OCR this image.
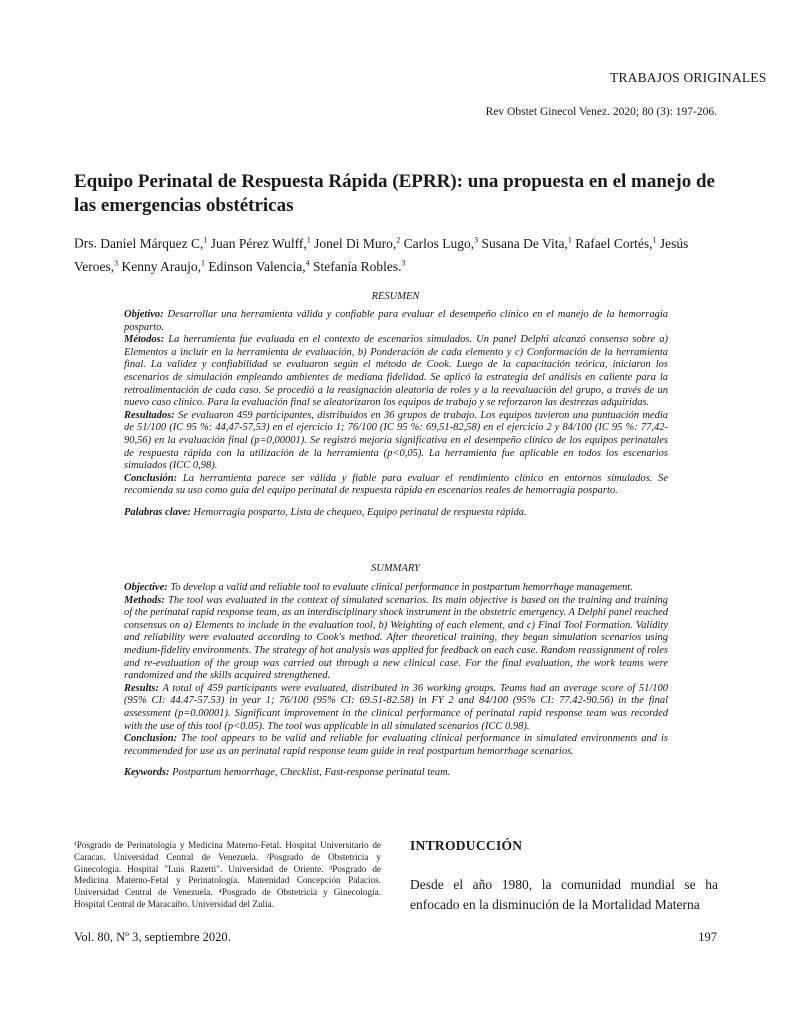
TRABAJOS ORIGINALES
Rev Obstet Ginecol Venez. 2020; 80 (3): 197-206.
Equipo Perinatal de Respuesta Rápida (EPRR): una propuesta en el manejo de las emergencias obstétricas
Drs. Daniel Márquez C,$^1$ Juan Pérez Wulff,$^1$ Jonel Di Muro,$^2$ Carlos Lugo,$^3$ Susana De Vita,$^1$ Rafael Cortés,$^1$ Jesús Veroes,$^3$ Kenny Araujo,$^1$ Edinson Valencia,$^4$ Stefanía Robles.$^3$
RESUMEN

Objetivo: Desarrollar una herramienta válida y confiable para evaluar el desempeño clínico en el manejo de la hemorragia posparto.

Métodos: La herramienta fue evaluada en el contexto de escenarios simulados. Un panel Delphi alcanzó consenso sobre a) Elementos a incluir en la herramienta de evaluación, b) Ponderación de cada elemento y c) Conformación de la herramienta final. La validez y confiabilidad se evaluaron según el método de Cook. Luego de la capacitación teórica, iniciaron los escenarios de simulación empleando ambientes de mediana fidelidad. Se aplicó la estrategia del análisis en caliente para la retroalimentación de cada caso. Se procedió a la reasignación aleatoria de roles y a la reevaluación del grupo, a través de un nuevo caso clínico. Para la evaluación final se aleatorizaron los equipos de trabajo y se reforzaron las destrezas adquiridas.

Resultados: Se evaluaron 459 participantes, distribuidos en 36 grupos de trabajo. Los equipos tuvieron una puntuación media de 51/100 (IC 95 %: 44,47-57,53) en el ejercicio 1; 76/100 (IC 95 %: 69,51-82,58) en el ejercicio 2 y 84/100 (IC 95 %: 77,42-90,56) en la evaluación final (p=0,00001). Se registró mejoría significativa en el desempeño clínico de los equipos perinatales de respuesta rápida con la utilización de la herramienta (p<0,05). La herramienta fue aplicable en todos los escenarios simulados (ICC 0,98).

Conclusión: La herramienta parece ser válida y fiable para evaluar el rendimiento clínico en entornos simulados. Se recomienda su uso como guía del equipo perinatal de respuesta rápida en escenarios reales de hemorragia posparto.

Palabras clave: Hemorragia posparto, Lista de chequeo, Equipo perinatal de respuesta rápida.

SUMMARY

Objective: To develop a valid and reliable tool to evaluate clinical performance in postpartum hemorrhage management.

Methods: The tool was evaluated in the context of simulated scenarios. Its main objective is based on the training and training of the perinatal rapid response team, as an interdisciplinary shock instrument in the obstetric emergency. A Delphi panel reached consensus on a) Elements to include in the evaluation tool, b) Weighting of each element, and c) Final Tool Formation. Validity and reliability were evaluated according to Cook's method. After theoretical training, they began simulation scenarios using medium-fidelity environments. The strategy of hot analysis was applied for feedback on each case. Random reassignment of roles and re-evaluation of the group was carried out through a new clinical case. For the final evaluation, the work teams were randomized and the skills acquired strengthened.

Results: A total of 459 participants were evaluated, distributed in 36 working groups. Teams had an average score of 51/100 (95% CI: 44.47-57.53) in year 1; 76/100 (95% CI: 69.51-82.58) in FY 2 and 84/100 (95% CI: 77.42-90.56) in the final assessment (p=0.00001). Significant improvement in the clinical performance of perinatal rapid response team was recorded with the use of this tool (p<0.05). The tool was applicable in all simulated scenarios (ICC 0.98).

Conclusion: The tool appears to be valid and reliable for evaluating clinical performance in simulated environments and is recommended for use as an perinatal rapid response team guide in real postpartum hemorrhage scenarios.

Keywords: Postpartum hemorrhage, Checklist, Fast-response perinatal team.

¹Posgrado de Perinatología y Medicina Materno-Fetal. Hospital Universitario de Caracas. Universidad Central de Venezuela. ²Posgrado de Obstetricia y Ginecología. Hospital "Luis Razetti". Universidad de Oriente. ³Posgrado de Medicina Materno-Fetal y Perinatología. Maternidad Concepción Palacios. Universidad Central de Venezuela. ⁴Posgrado de Obstetricia y Ginecología. Hospital Central de Maracaibo. Universidad del Zulia.
INTRODUCCIÓN
Desde el año 1980, la comunidad mundial se ha enfocado en la disminución de la Mortalidad Materna
Vol. 80, Nº 3, septiembre 2020.	197
